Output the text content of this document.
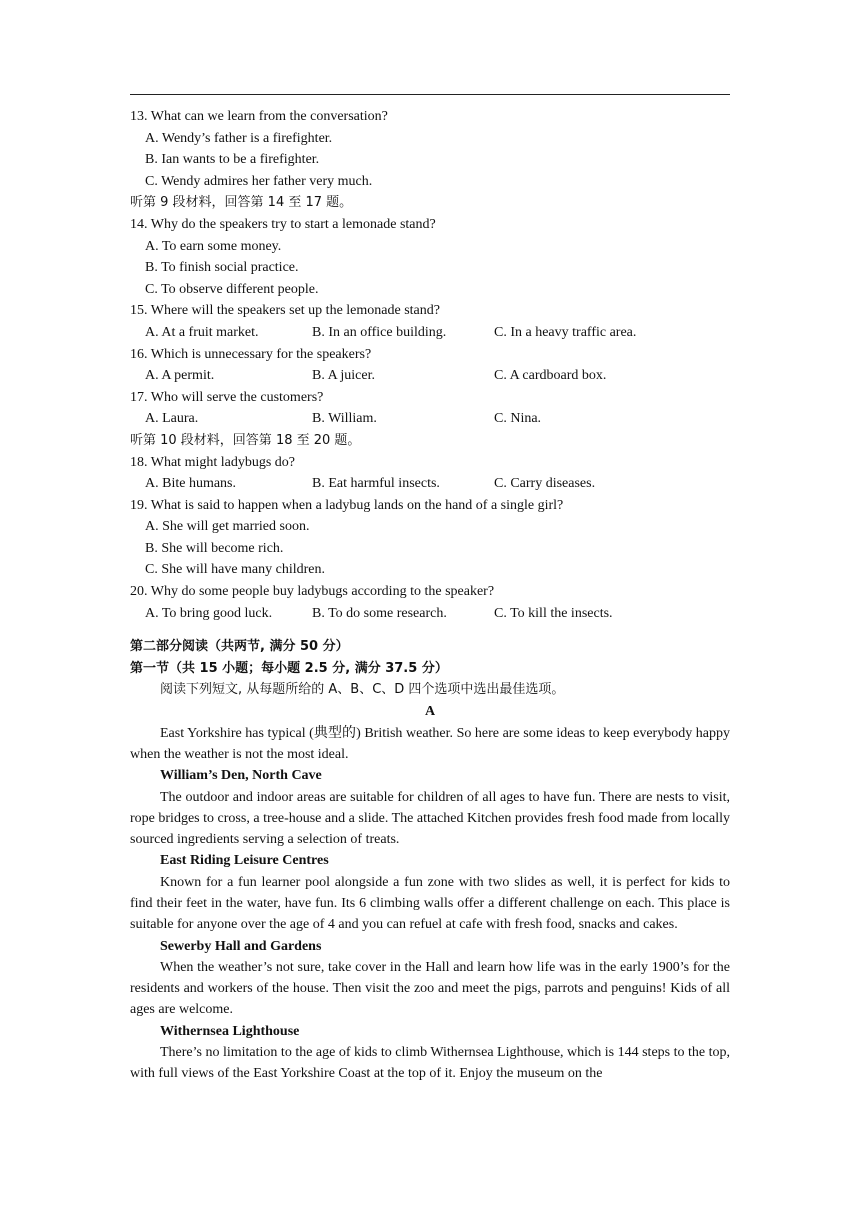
13. What can we learn from the conversation?
A. Wendy’s father is a firefighter.
B. Ian wants to be a firefighter.
C. Wendy admires her father very much.
听第 9 段材料，回答第 14 至 17 题。
14. Why do the speakers try to start a lemonade stand?
A. To earn some money.
B. To finish social practice.
C. To observe different people.
15. Where will the speakers set up the lemonade stand?
A. At a fruit market.	B. In an office building.	C. In a heavy traffic area.
16. Which is unnecessary for the speakers?
A. A permit.	B. A juicer.	C. A cardboard box.
17. Who will serve the customers?
A. Laura.	B. William.	C. Nina.
听第 10 段材料，回答第 18 至 20 题。
18. What might ladybugs do?
A. Bite humans.	B. Eat harmful insects.	C. Carry diseases.
19. What is said to happen when a ladybug lands on the hand of a single girl?
A. She will get married soon.
B. She will become rich.
C. She will have many children.
20. Why do some people buy ladybugs according to the speaker?
A. To bring good luck.	B. To do some research.	C. To kill the insects.
第二部分阅读（共两节, 满分 50 分）
第一节（共 15 小题；每小题 2.5 分, 满分 37.5 分）
阅读下列短文, 从每题所给的 A、B、C、D 四个选项中选出最佳选项。
A

East Yorkshire has typical (典型的) British weather. So here are some ideas to keep everybody happy when the weather is not the most ideal.

William’s Den, North Cave

The outdoor and indoor areas are suitable for children of all ages to have fun. There are nests to visit, rope bridges to cross, a tree-house and a slide. The attached Kitchen provides fresh food made from locally sourced ingredients serving a selection of treats.

East Riding Leisure Centres

Known for a fun learner pool alongside a fun zone with two slides as well, it is perfect for kids to find their feet in the water, have fun. Its 6 climbing walls offer a different challenge on each. This place is suitable for anyone over the age of 4 and you can refuel at cafe with fresh food, snacks and cakes.

Sewerby Hall and Gardens

When the weather’s not sure, take cover in the Hall and learn how life was in the early 1900’s for the residents and workers of the house. Then visit the zoo and meet the pigs, parrots and penguins! Kids of all ages are welcome.

Withernsea Lighthouse

There’s no limitation to the age of kids to climb Withernsea Lighthouse, which is 144 steps to the top, with full views of the East Yorkshire Coast at the top of it. Enjoy the museum on the
